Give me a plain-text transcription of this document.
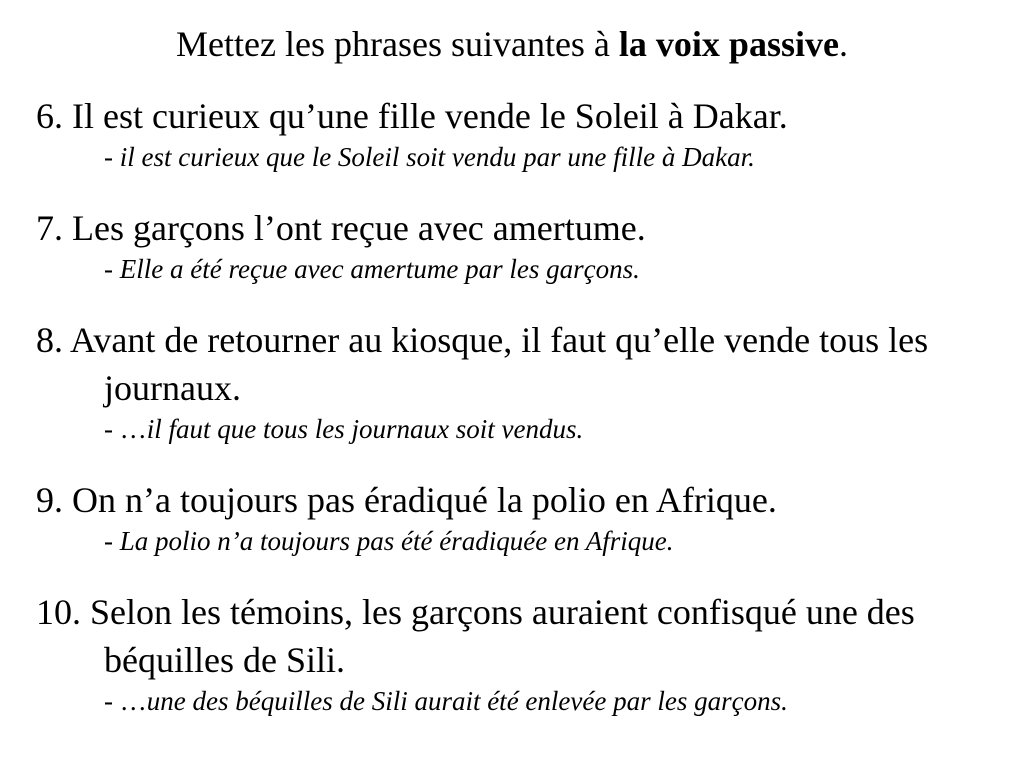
Mettez les phrases suivantes à la voix passive.
6. Il est curieux qu’une fille vende le Soleil à Dakar.
- il est curieux que le Soleil soit vendu par une fille à Dakar.
7. Les garçons l’ont reçue avec amertume.
- Elle a été reçue avec amertume par les garçons.
8. Avant de retourner au kiosque, il faut qu’elle vende tous les journaux.
- …il faut que tous les journaux soit vendus.
9. On n’a toujours pas éradiqué la polio en Afrique.
- La polio n’a toujours pas été éradiquée en Afrique.
10. Selon les témoins, les garçons auraient confisqué une des béquilles de Sili.
- …une des béquilles de Sili aurait été enlevée par les garçons.
